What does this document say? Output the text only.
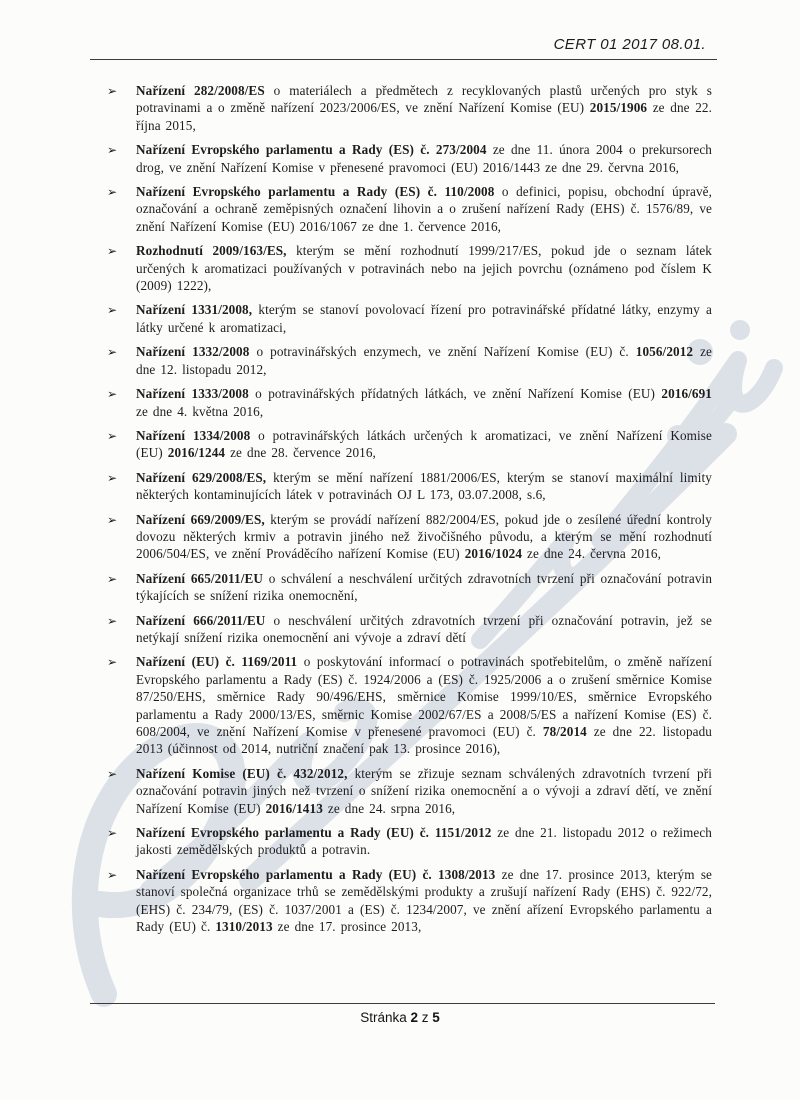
CERT 01 2017 08.01.
➢ Nařízení 282/2008/ES o materiálech a předmětech z recyklovaných plastů určených pro styk s potravinami a o změně nařízení 2023/2006/ES, ve znění Nařízení Komise (EU) 2015/1906 ze dne 22. října 2015,
➢ Nařízení Evropského parlamentu a Rady (ES) č. 273/2004 ze dne 11. února 2004 o prekursorech drog, ve znění Nařízení Komise v přenesené pravomoci (EU) 2016/1443 ze dne 29. června 2016,
➢ Nařízení Evropského parlamentu a Rady (ES) č. 110/2008 o definici, popisu, obchodní úpravě, označování a ochraně zeměpisných označení lihovin a o zrušení nařízení Rady (EHS) č. 1576/89, ve znění Nařízení Komise (EU) 2016/1067 ze dne 1. července 2016,
➢ Rozhodnutí 2009/163/ES, kterým se mění rozhodnutí 1999/217/ES, pokud jde o seznam látek určených k aromatizaci používaných v potravinách nebo na jejich povrchu (oznámeno pod číslem K (2009) 1222),
➢ Nařízení 1331/2008, kterým se stanoví povolovací řízení pro potravinářské přídatné látky, enzymy a látky určené k aromatizaci,
➢ Nařízení 1332/2008 o potravinářských enzymech, ve znění Nařízení Komise (EU) č. 1056/2012 ze dne 12. listopadu 2012,
➢ Nařízení 1333/2008 o potravinářských přídatných látkách, ve znění Nařízení Komise (EU) 2016/691 ze dne 4. května 2016,
➢ Nařízení 1334/2008 o potravinářských látkách určených k aromatizaci, ve znění Nařízení Komise (EU) 2016/1244 ze dne 28. července 2016,
➢ Nařízení 629/2008/ES, kterým se mění nařízení 1881/2006/ES, kterým se stanoví maximální limity některých kontaminujících látek v potravinách OJ L 173, 03.07.2008, s.6,
➢ Nařízení 669/2009/ES, kterým se provádí nařízení 882/2004/ES, pokud jde o zesílené úřední kontroly dovozu některých krmiv a potravin jiného než živočišného původu, a kterým se mění rozhodnutí 2006/504/ES, ve znění Prováděcího nařízení Komise (EU) 2016/1024 ze dne 24. června 2016,
➢ Nařízení 665/2011/EU o schválení a neschválení určitých zdravotních tvrzení při označování potravin týkajících se snížení rizika onemocnění,
➢ Nařízení 666/2011/EU o neschválení určitých zdravotních tvrzení při označování potravin, jež se netýkají snížení rizika onemocnění ani vývoje a zdraví dětí
➢ Nařízení (EU) č. 1169/2011 o poskytování informací o potravinách spotřebitelům, o změně nařízení Evropského parlamentu a Rady (ES) č. 1924/2006 a (ES) č. 1925/2006 a o zrušení směrnice Komise 87/250/EHS, směrnice Rady 90/496/EHS, směrnice Komise 1999/10/ES, směrnice Evropského parlamentu a Rady 2000/13/ES, směrnic Komise 2002/67/ES a 2008/5/ES a nařízení Komise (ES) č. 608/2004, ve znění Nařízení Komise v přenesené pravomoci (EU) č. 78/2014 ze dne 22. listopadu 2013 (účinnost od 2014, nutriční značení pak 13. prosince 2016),
➢ Nařízení Komise (EU) č. 432/2012, kterým se zřizuje seznam schválených zdravotních tvrzení při označování potravin jiných než tvrzení o snížení rizika onemocnění a o vývoji a zdraví dětí, ve znění Nařízení Komise (EU) 2016/1413 ze dne 24. srpna 2016,
➢ Nařízení Evropského parlamentu a Rady (EU) č. 1151/2012 ze dne 21. listopadu 2012 o režimech jakosti zemědělských produktů a potravin.
➢ Nařízení Evropského parlamentu a Rady (EU) č. 1308/2013 ze dne 17. prosince 2013, kterým se stanoví společná organizace trhů se zemědělskými produkty a zrušují nařízení Rady (EHS) č. 922/72, (EHS) č. 234/79, (ES) č. 1037/2001 a (ES) č. 1234/2007, ve znění ařízení Evropského parlamentu a Rady (EU) č. 1310/2013 ze dne 17. prosince 2013,
Stránka 2 z 5
